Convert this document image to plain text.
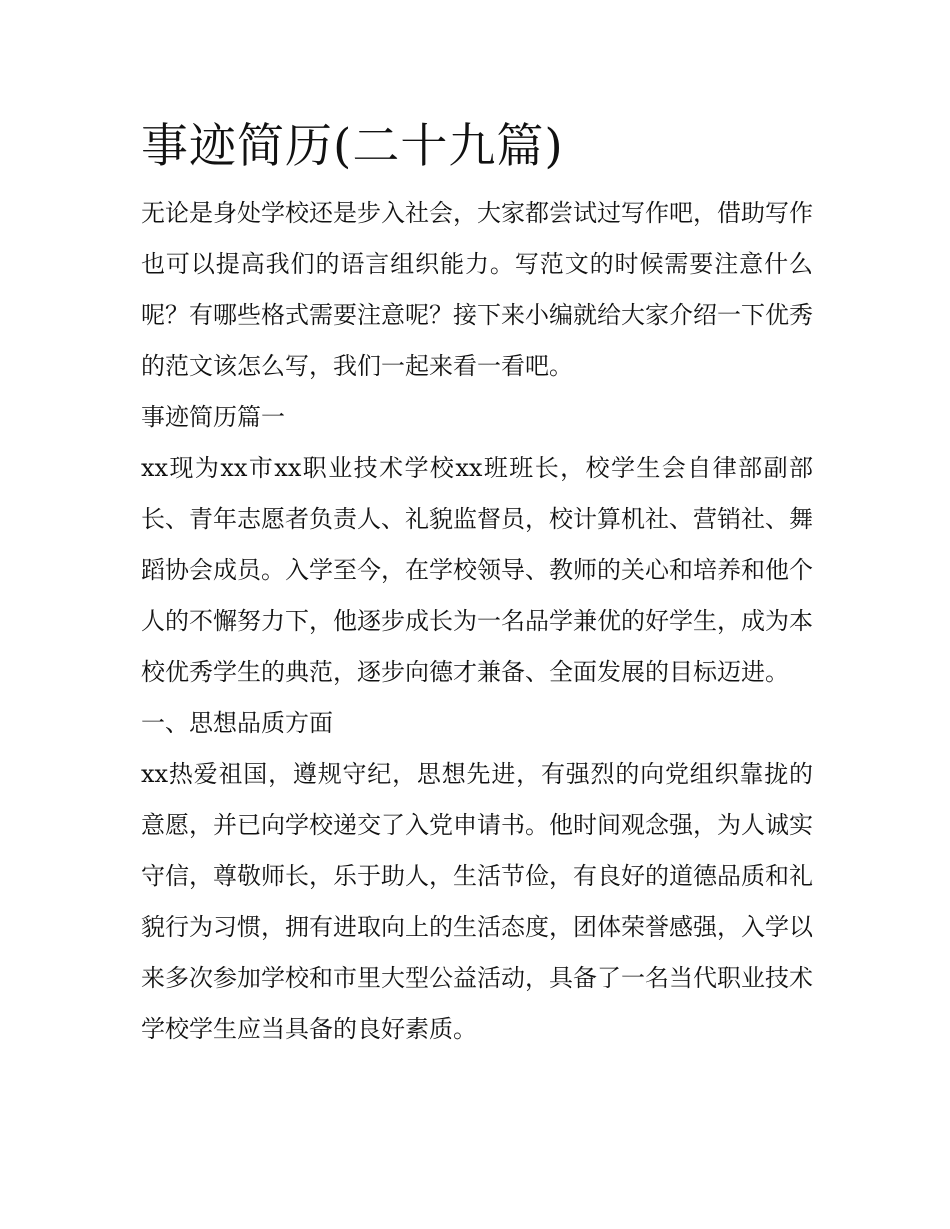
事迹简历(二十九篇)

无论是身处学校还是步入社会，大家都尝试过写作吧，借助写作也可以提高我们的语言组织能力。写范文的时候需要注意什么呢？有哪些格式需要注意呢？接下来小编就给大家介绍一下优秀的范文该怎么写，我们一起来看一看吧。

事迹简历篇一

xx现为xx市xx职业技术学校xx班班长，校学生会自律部副部长、青年志愿者负责人、礼貌监督员，校计算机社、营销社、舞蹈协会成员。入学至今，在学校领导、教师的关心和培养和他个人的不懈努力下，他逐步成长为一名品学兼优的好学生，成为本校优秀学生的典范，逐步向德才兼备、全面发展的目标迈进。

一、思想品质方面

xx热爱祖国，遵规守纪，思想先进，有强烈的向党组织靠拢的意愿，并已向学校递交了入党申请书。他时间观念强，为人诚实守信，尊敬师长，乐于助人，生活节俭，有良好的道德品质和礼貌行为习惯，拥有进取向上的生活态度，团体荣誉感强，入学以来多次参加学校和市里大型公益活动，具备了一名当代职业技术学校学生应当具备的良好素质。
